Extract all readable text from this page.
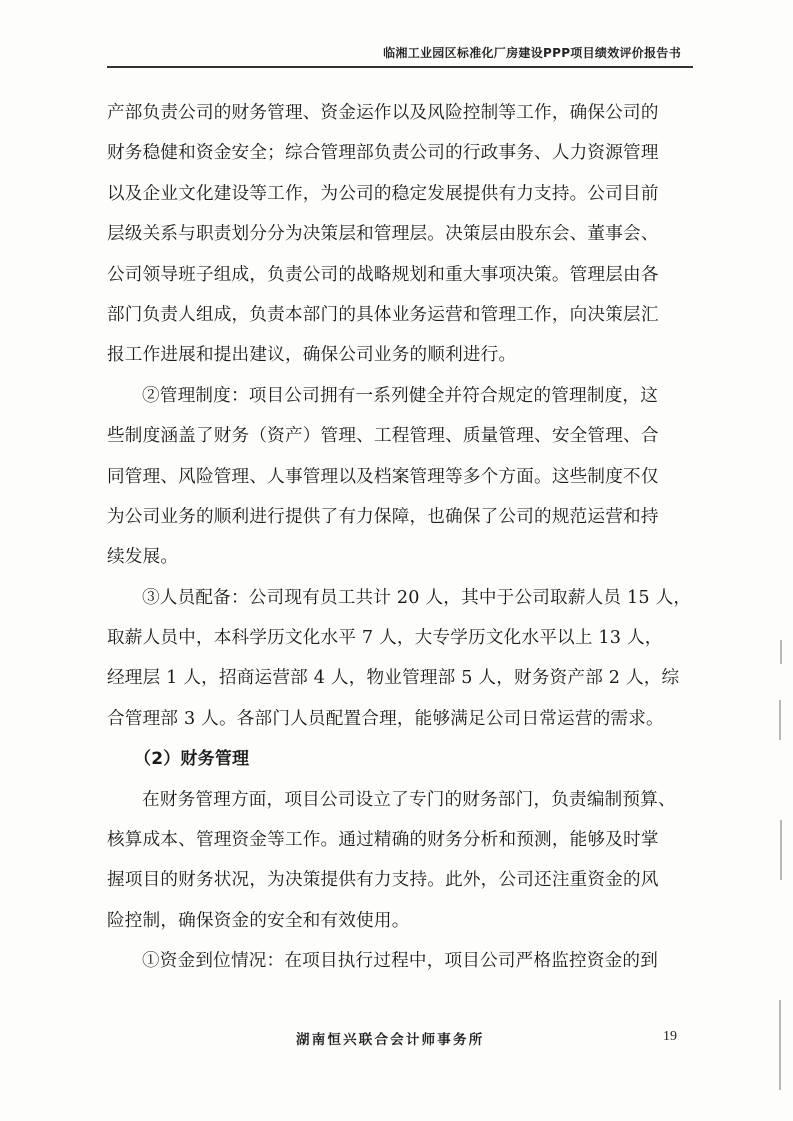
临湘工业园区标准化厂房建设PPP项目绩效评价报告书
产部负责公司的财务管理、资金运作以及风险控制等工作，确保公司的
财务稳健和资金安全；综合管理部负责公司的行政事务、人力资源管理
以及企业文化建设等工作，为公司的稳定发展提供有力支持。公司目前
层级关系与职责划分分为决策层和管理层。决策层由股东会、董事会、
公司领导班子组成，负责公司的战略规划和重大事项决策。管理层由各
部门负责人组成，负责本部门的具体业务运营和管理工作，向决策层汇
报工作进展和提出建议，确保公司业务的顺利进行。
②管理制度：项目公司拥有一系列健全并符合规定的管理制度，这
些制度涵盖了财务（资产）管理、工程管理、质量管理、安全管理、合
同管理、风险管理、人事管理以及档案管理等多个方面。这些制度不仅
为公司业务的顺利进行提供了有力保障，也确保了公司的规范运营和持
续发展。
③人员配备：公司现有员工共计 20 人，其中于公司取薪人员 15 人，
取薪人员中，本科学历文化水平 7 人，大专学历文化水平以上 13 人，
经理层 1 人，招商运营部 4 人，物业管理部 5 人，财务资产部 2 人，综
合管理部 3 人。各部门人员配置合理，能够满足公司日常运营的需求。
（2）财务管理
在财务管理方面，项目公司设立了专门的财务部门，负责编制预算、
核算成本、管理资金等工作。通过精确的财务分析和预测，能够及时掌
握项目的财务状况，为决策提供有力支持。此外，公司还注重资金的风
险控制，确保资金的安全和有效使用。
①资金到位情况：在项目执行过程中，项目公司严格监控资金的到
湖南恒兴联合会计师事务所	19
